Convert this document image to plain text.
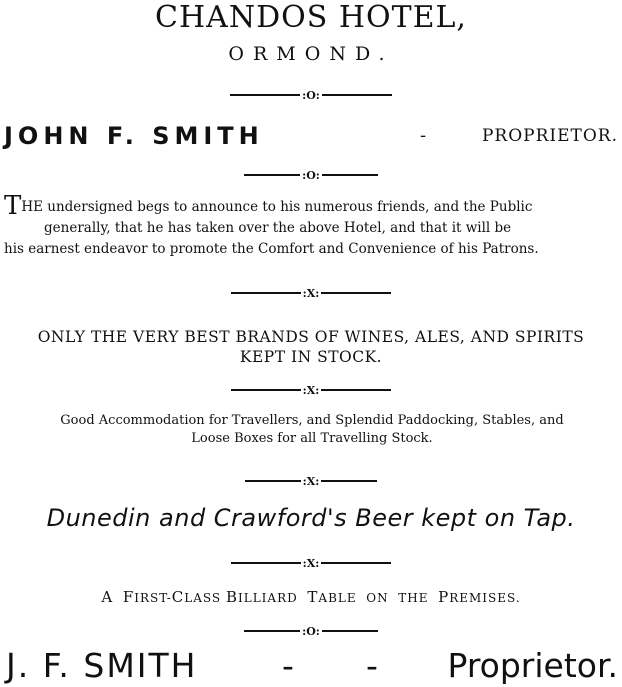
CHANDOS HOTEL,
ORMOND.
:O:
JOHN F. SMITH	-	PROPRIETOR.
:O:
THE undersigned begs to announce to his numerous friends, and the Public
generally, that he has taken over the above Hotel, and that it will be
his earnest endeavor to promote the Comfort and Convenience of his Patrons.
:X:
ONLY THE VERY BEST BRANDS OF WINES, ALES, AND SPIRITS
KEPT IN STOCK.
:X:
Good Accommodation for Travellers, and Splendid Paddocking, Stables, and
Loose Boxes for all Travelling Stock.
:X:
Dunedin and Crawford's Beer kept on Tap.
:X:
A FIRST-CLASS BILLIARD TABLE ON THE PREMISES.
:O:
J. F. SMITH	- - Proprietor.
